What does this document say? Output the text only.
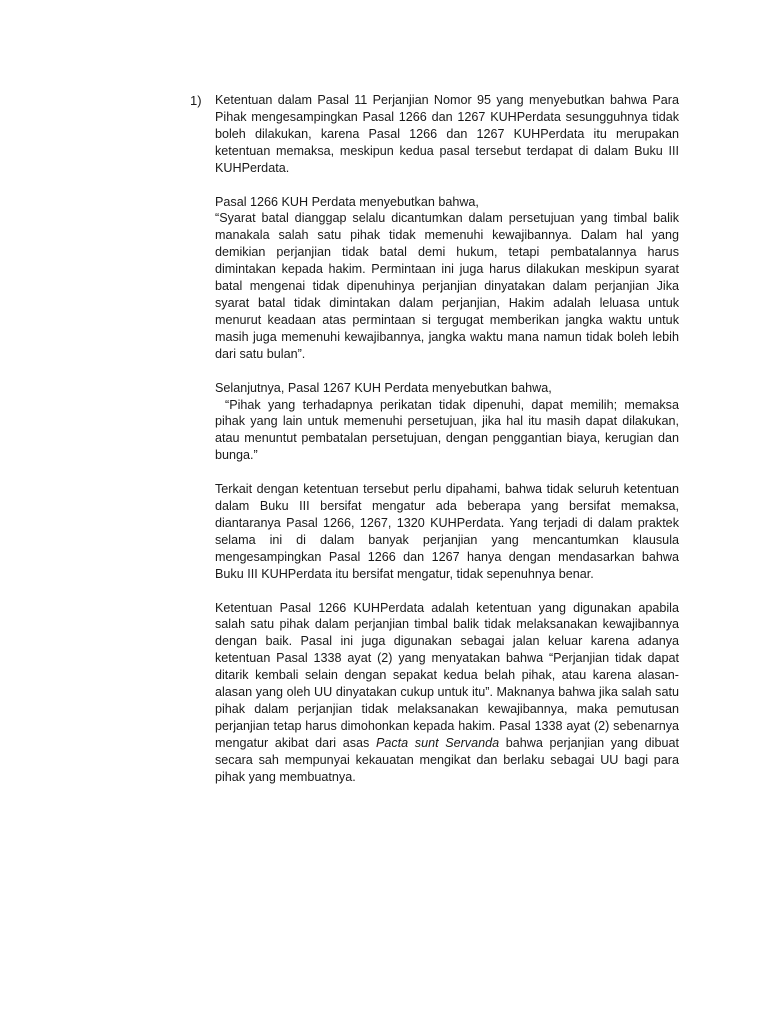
1) Ketentuan dalam Pasal 11 Perjanjian Nomor 95 yang menyebutkan bahwa Para Pihak mengesampingkan Pasal 1266 dan 1267 KUHPerdata sesungguhnya tidak boleh dilakukan, karena Pasal 1266 dan 1267 KUHPerdata itu merupakan ketentuan memaksa, meskipun kedua pasal tersebut terdapat di dalam Buku III KUHPerdata.

Pasal 1266 KUH Perdata menyebutkan bahwa,

“Syarat batal dianggap selalu dicantumkan dalam persetujuan yang timbal balik manakala salah satu pihak tidak memenuhi kewajibannya. Dalam hal yang demikian perjanjian tidak batal demi hukum, tetapi pembatalannya harus dimintakan kepada hakim. Permintaan ini juga harus dilakukan meskipun syarat batal mengenai tidak dipenuhinya perjanjian dinyatakan dalam perjanjian Jika syarat batal tidak dimintakan dalam perjanjian, Hakim adalah leluasa untuk menurut keadaan atas permintaan si tergugat memberikan jangka waktu untuk masih juga memenuhi kewajibannya, jangka waktu mana namun tidak boleh lebih dari satu bulan”.

Selanjutnya, Pasal 1267 KUH Perdata menyebutkan bahwa,

“Pihak yang terhadapnya perikatan tidak dipenuhi, dapat memilih; memaksa pihak yang lain untuk memenuhi persetujuan, jika hal itu masih dapat dilakukan, atau menuntut pembatalan persetujuan, dengan penggantian biaya, kerugian dan bunga.”

Terkait dengan ketentuan tersebut perlu dipahami, bahwa tidak seluruh ketentuan dalam Buku III bersifat mengatur ada beberapa yang bersifat memaksa, diantaranya Pasal 1266, 1267, 1320 KUHPerdata. Yang terjadi di dalam praktek selama ini di dalam banyak perjanjian yang mencantumkan klausula mengesampingkan Pasal 1266 dan 1267 hanya dengan mendasarkan bahwa Buku III KUHPerdata itu bersifat mengatur, tidak sepenuhnya benar.

Ketentuan Pasal 1266 KUHPerdata adalah ketentuan yang digunakan apabila salah satu pihak dalam perjanjian timbal balik tidak melaksanakan kewajibannya dengan baik. Pasal ini juga digunakan sebagai jalan keluar karena adanya ketentuan Pasal 1338 ayat (2) yang menyatakan bahwa “Perjanjian tidak dapat ditarik kembali selain dengan sepakat kedua belah pihak, atau karena alasan-alasan yang oleh UU dinyatakan cukup untuk itu”. Maknanya bahwa jika salah satu pihak dalam perjanjian tidak melaksanakan kewajibannya, maka pemutusan perjanjian tetap harus dimohonkan kepada hakim. Pasal 1338 ayat (2) sebenarnya mengatur akibat dari asas Pacta sunt Servanda bahwa perjanjian yang dibuat secara sah mempunyai kekauatan mengikat dan berlaku sebagai UU bagi para pihak yang membuatnya.
